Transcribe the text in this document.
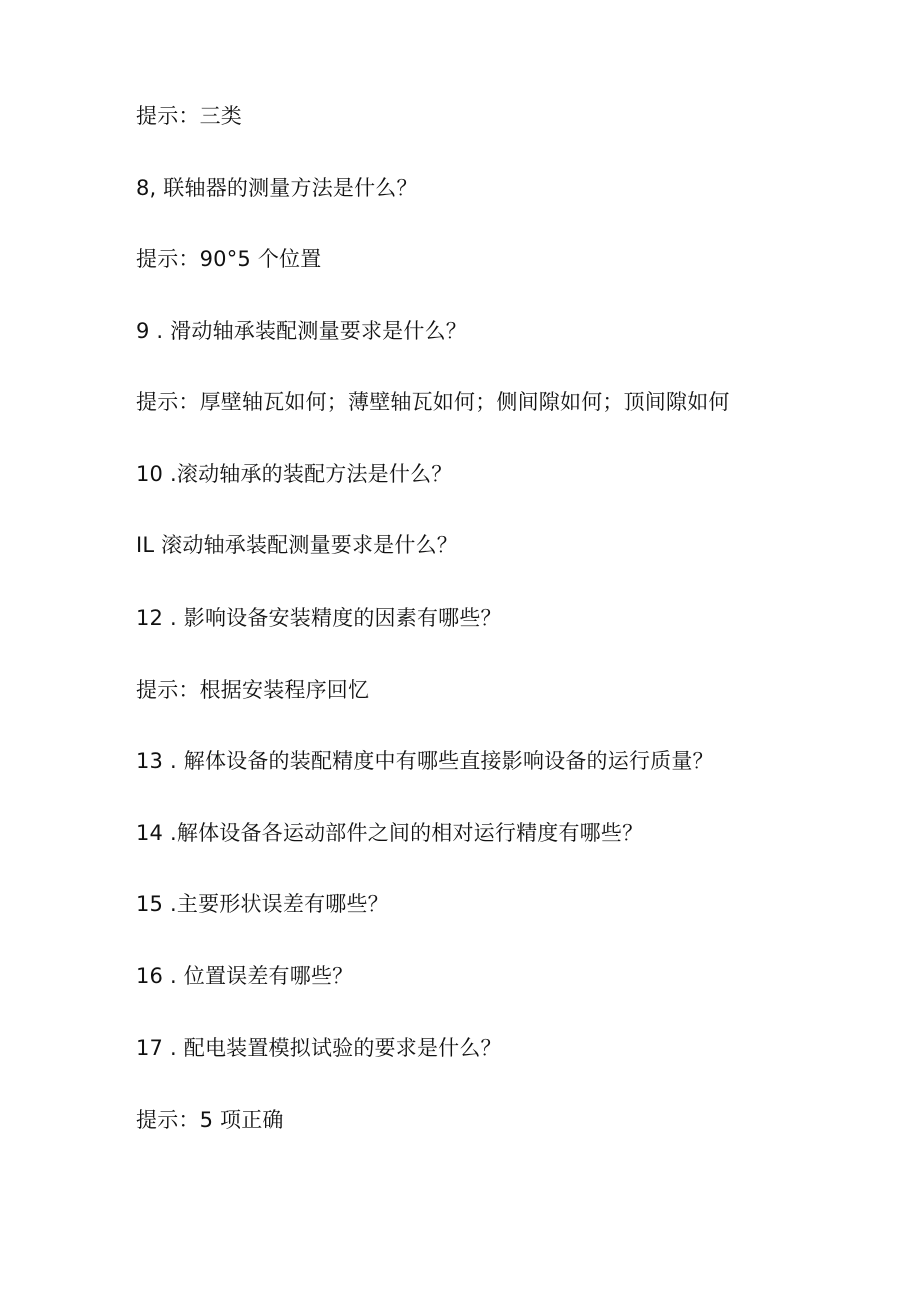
提示：三类
8, 联轴器的测量方法是什么？
提示：90°5 个位置
9 . 滑动轴承装配测量要求是什么？
提示：厚壁轴瓦如何；薄壁轴瓦如何；侧间隙如何；顶间隙如何
10 .滚动轴承的装配方法是什么？
IL 滚动轴承装配测量要求是什么？
12 . 影响设备安装精度的因素有哪些？
提示：根据安装程序回忆
13 . 解体设备的装配精度中有哪些直接影响设备的运行质量？
14 .解体设备各运动部件之间的相对运行精度有哪些？
15 .主要形状误差有哪些？
16 . 位置误差有哪些？
17 . 配电装置模拟试验的要求是什么？
提示：5 项正确
